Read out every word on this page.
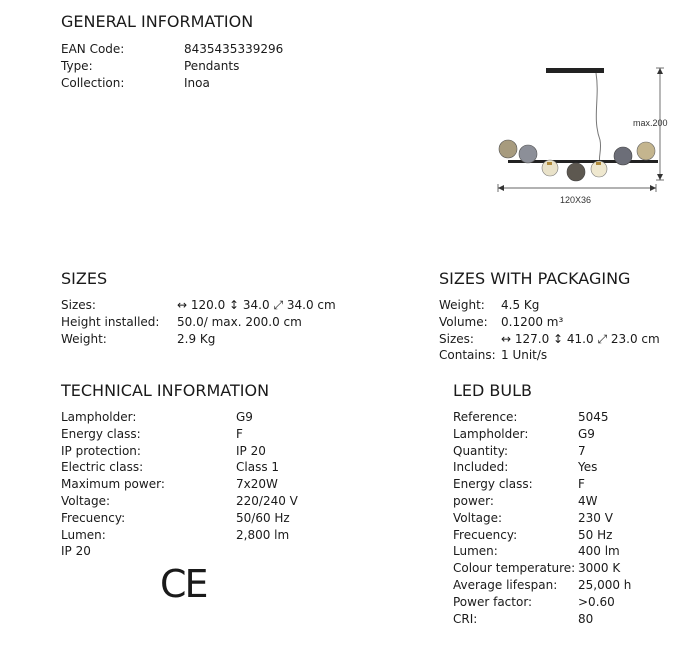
GENERAL INFORMATION
EAN Code:	8435435339296
Type:	Pendants
Collection:	Inoa
max.200
120X36
SIZES
Sizes:	↔ 120.0 ↕ 34.0 ⤢ 34.0 cm
Height installed: 50.0/ max. 200.0 cm
Weight:	2.9 Kg
SIZES WITH PACKAGING
Weight: 4.5 Kg
Volume: 0.1200 m³
Sizes: ↔ 127.0 ↕ 41.0 ⤢ 23.0 cm
Contains: 1 Unit/s
TECHNICAL INFORMATION
Lampholder:	G9
Energy class:	F
IP protection:	IP 20
Electric class:	Class 1
Maximum power:	7x20W
Voltage:	220/240 V
Frecuency:	50/60 Hz
Lumen:	2,800 lm
IP 20
CE
LED BULB
Reference:	5045
Lampholder:	G9
Quantity:	7
Included:	Yes
Energy class:	F
power:	4W
Voltage:	230 V
Frecuency:	50 Hz
Lumen:	400 lm
Colour temperature: 3000 K
Average lifespan: 25,000 h
Power factor:	>0.60
CRI:	80
